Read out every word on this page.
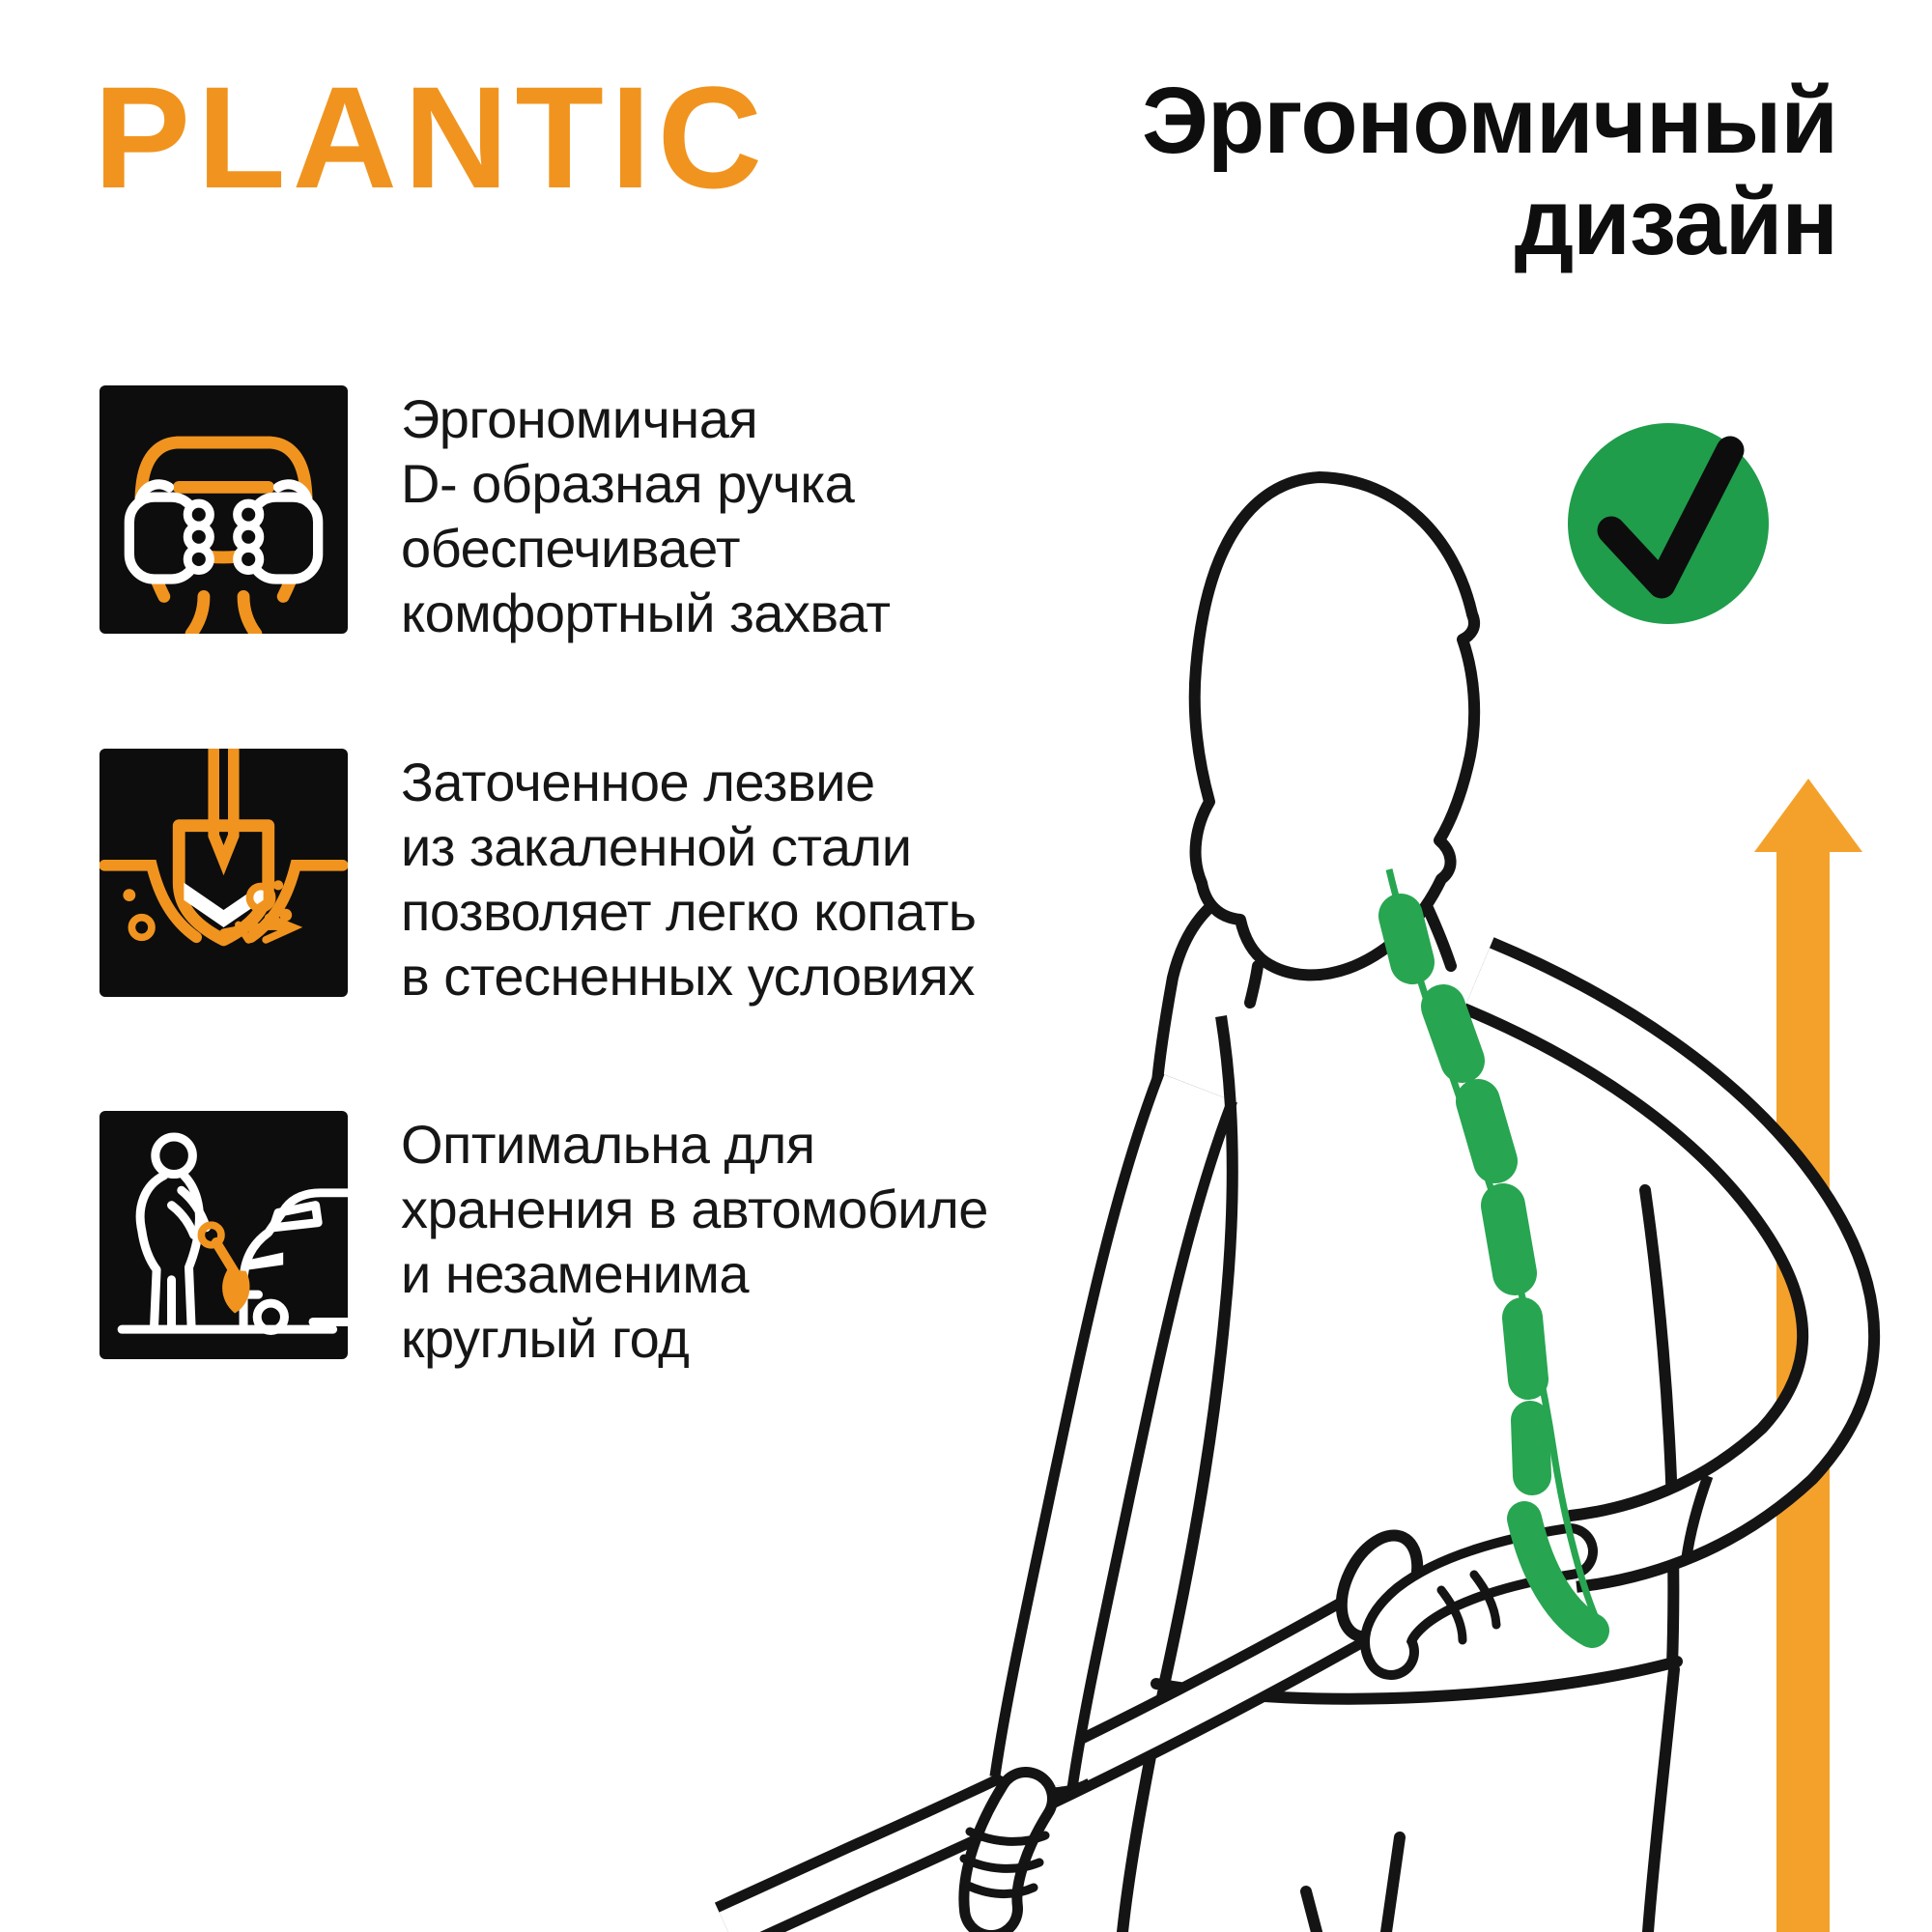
PLANTIC	Эргономичный
дизайн
Эргономичная
D- образная ручка
обеспечивает
комфортный захват
Заточенное лезвие
из закаленной стали
позволяет легко копать
в стесненных условиях
Оптимальна для
хранения в автомобиле
и незаменима
круглый год
